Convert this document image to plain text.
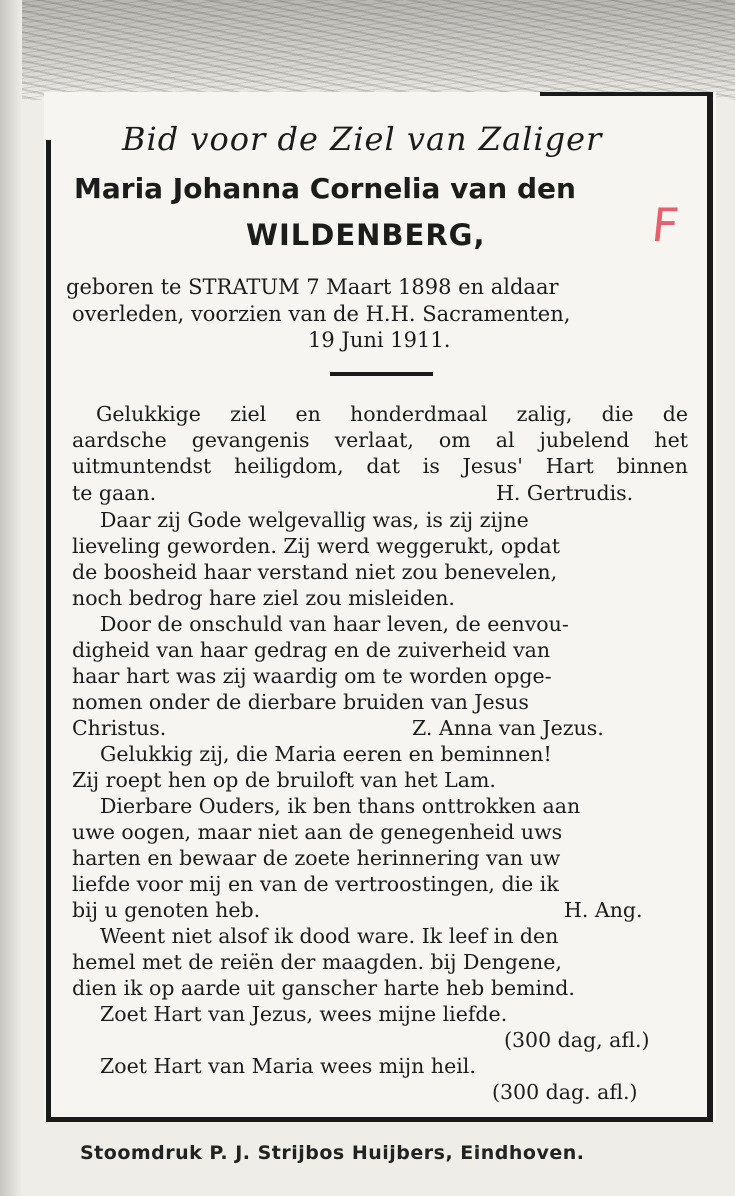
Bid voor de Ziel van Zaliger
Maria Johanna Cornelia van den
WILDENBERG,	F
geboren te STRATUM 7 Maart 1898 en aldaar
overleden, voorzien van de H.H. Sacramenten,
19 Juni 1911.
Gelukkige ziel en honderdmaal zalig, die de
aardsche gevangenis verlaat, om al jubelend het
uitmuntendst heiligdom, dat is Jesus' Hart binnen
te gaan.	H. Gertrudis.
Daar zij Gode welgevallig was, is zij zijne
lieveling geworden. Zij werd weggerukt, opdat
de boosheid haar verstand niet zou benevelen,
noch bedrog hare ziel zou misleiden.
Door de onschuld van haar leven, de eenvou-
digheid van haar gedrag en de zuiverheid van
haar hart was zij waardig om te worden opge-
nomen onder de dierbare bruiden van Jesus
Christus.	Z. Anna van Jezus.
Gelukkig zij, die Maria eeren en beminnen!
Zij roept hen op de bruiloft van het Lam.
Dierbare Ouders, ik ben thans onttrokken aan
uwe oogen, maar niet aan de genegenheid uws
harten en bewaar de zoete herinnering van uw
liefde voor mij en van de vertroostingen, die ik
bij u genoten heb.	H. Ang.
Weent niet alsof ik dood ware. Ik leef in den
hemel met de reiën der maagden. bij Dengene,
dien ik op aarde uit ganscher harte heb bemind.
Zoet Hart van Jezus, wees mijne liefde.
(300 dag, afl.)
Zoet Hart van Maria wees mijn heil.
(300 dag. afl.)
Stoomdruk P. J. Strijbos Huijbers, Eindhoven.
